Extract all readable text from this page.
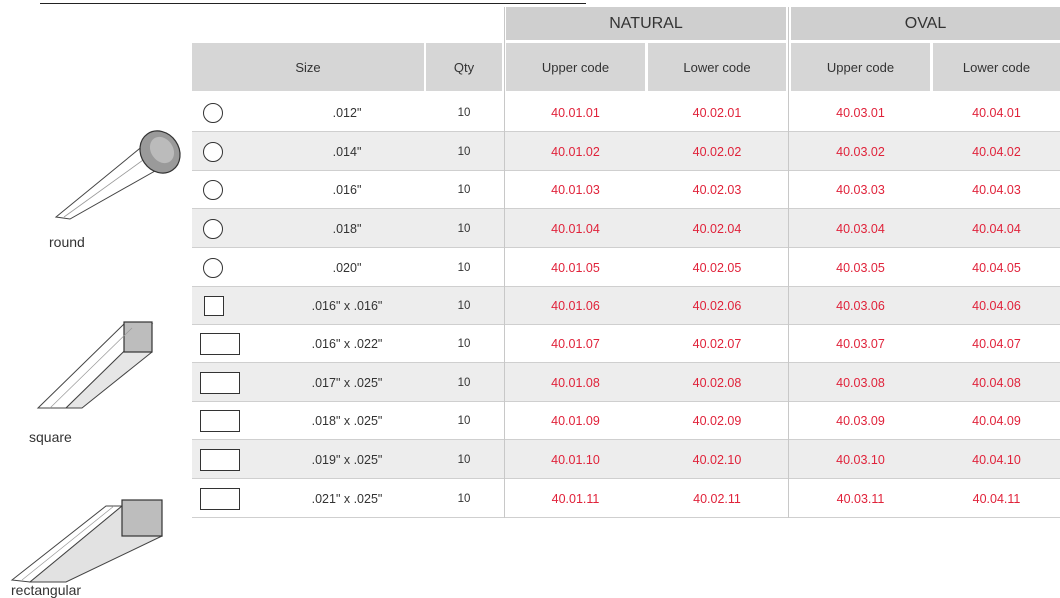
round
square
rectangular
NATURAL	OVAL
Size	Qty	Upper code	Lower code	Upper code	Lower code
.012"	10	40.01.01	40.02.01	40.03.01	40.04.01
.014"	10	40.01.02	40.02.02	40.03.02	40.04.02
.016"	10	40.01.03	40.02.03	40.03.03	40.04.03
.018"	10	40.01.04	40.02.04	40.03.04	40.04.04
.020"	10	40.01.05	40.02.05	40.03.05	40.04.05
.016" x .016"	10	40.01.06	40.02.06	40.03.06	40.04.06
.016" x .022"	10	40.01.07	40.02.07	40.03.07	40.04.07
.017" x .025"	10	40.01.08	40.02.08	40.03.08	40.04.08
.018" x .025"	10	40.01.09	40.02.09	40.03.09	40.04.09
.019" x .025"	10	40.01.10	40.02.10	40.03.10	40.04.10
.021" x .025"	10	40.01.11	40.02.11	40.03.11	40.04.11
